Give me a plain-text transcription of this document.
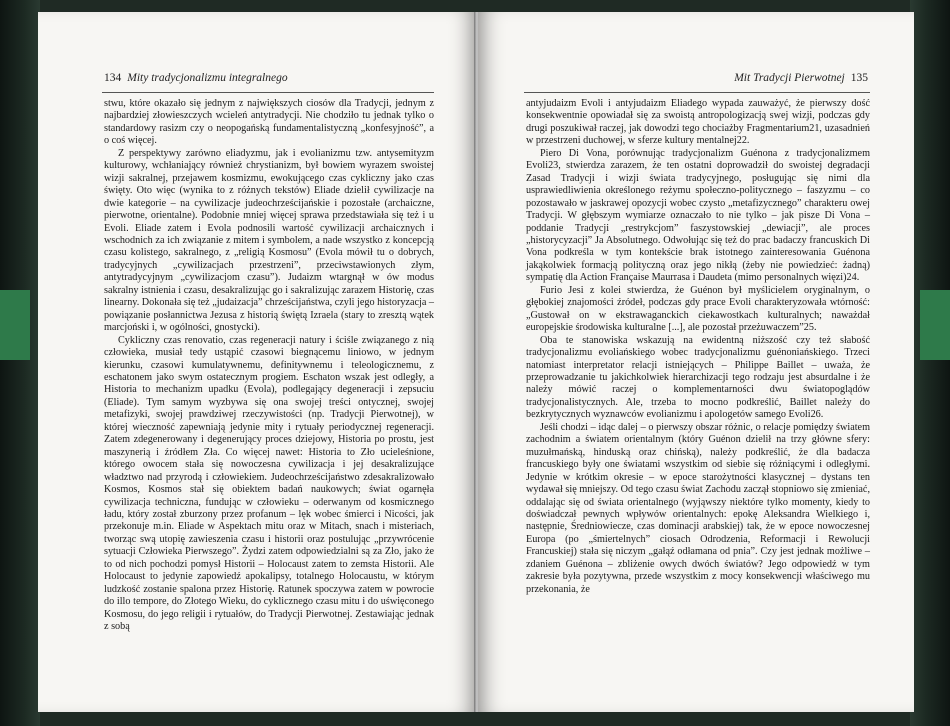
134 Mity tradycjonalizmu integralnego

stwu, które okazało się jednym z największych ciosów dla Tradycji, jednym z najbardziej złowieszczych wcieleń antytradycji. Nie chodziło tu jednak tylko o standardowy rasizm czy o neopogańską fundamentalistyczną „konfesyjność”, a o coś więcej.

Z perspektywy zarówno eliadyzmu, jak i evolianizmu tzw. antysemityzm kulturowy, wchłaniający również chrystianizm, był bowiem wyrazem swoistej wizji sakralnej, przejawem kosmizmu, ewokującego czas cykliczny jako czas święty. Oto więc (wynika to z różnych tekstów) Eliade dzielił cywilizacje na dwie kategorie – na cywilizacje judeochrześcijańskie i pozostałe (archaiczne, pierwotne, orientalne). Podobnie mniej więcej sprawa przedstawiała się też i u Evoli. Eliade zatem i Evola podnosili wartość cywilizacji archaicznych i wschodnich za ich związanie z mitem i symbolem, a nade wszystko z koncepcją czasu kolistego, sakralnego, z „religią Kosmosu” (Evola mówił tu o dobrych, tradycyjnych „cywilizacjach przestrzeni”, przeciwstawionych złym, antytradycyjnym „cywilizacjom czasu”). Judaizm wtargnął w ów modus sakralny istnienia i czasu, desakralizując go i sakralizując zarazem Historię, czas linearny. Dokonała się też „judaizacja” chrześcijaństwa, czyli jego historyzacja – powiązanie posłannictwa Jezusa z historią świętą Izraela (stary to zresztą wątek marcjoński i, w ogólności, gnostycki).

Cykliczny czas renovatio, czas regeneracji natury i ściśle związanego z nią człowieka, musiał tedy ustąpić czasowi biegnącemu liniowo, w jednym kierunku, czasowi kumulatywnemu, definitywnemu i teleologicznemu, z eschatonem jako swym ostatecznym progiem. Eschaton wszak jest odległy, a Historia to mechanizm upadku (Evola), podlegający degeneracji i zepsuciu (Eliade). Tym samym wyzbywa się ona swojej treści ontycznej, swojej metafizyki, swojej prawdziwej rzeczywistości (np. Tradycji Pierwotnej), w której wieczność zapewniają jedynie mity i rytuały periodycznej regeneracji. Zatem zdegenerowany i degenerujący proces dziejowy, Historia po prostu, jest maszynerią i źródłem Zła. Co więcej nawet: Historia to Zło ucieleśnione, którego owocem stała się nowoczesna cywilizacja i jej desakralizujące władztwo nad przyrodą i człowiekiem. Judeochrześcijaństwo zdesakralizowało Kosmos, Kosmos stał się obiektem badań naukowych; świat ogarnęła cywilizacja techniczna, fundując w człowieku – oderwanym od kosmicznego ładu, który został zburzony przez profanum – lęk wobec śmierci i Nicości, jak przekonuje m.in. Eliade w Aspektach mitu oraz w Mitach, snach i misteriach, tworząc swą utopię zawieszenia czasu i historii oraz postulując „przywrócenie sytuacji Człowieka Pierwszego”. Żydzi zatem odpowiedzialni są za Zło, jako że to od nich pochodzi pomysł Historii – Holocaust zatem to zemsta Historii. Ale Holocaust to jedynie zapowiedź apokalipsy, totalnego Holocaustu, w którym ludzkość zostanie spalona przez Historię. Ratunek spoczywa zatem w powrocie do illo tempore, do Złotego Wieku, do cyklicznego czasu mitu i do uświęconego Kosmosu, do jego religii i rytuałów, do Tradycji Pierwotnej. Zestawiając jednak z sobą

Mit Tradycji Pierwotnej 135

antyjudaizm Evoli i antyjudaizm Eliadego wypada zauważyć, że pierwszy dość konsekwentnie opowiadał się za swoistą antropologizacją swej wizji, podczas gdy drugi poszukiwał raczej, jak dowodzi tego chociażby Fragmentarium21, uzasadnień w przestrzeni duchowej, w sferze kultury mentalnej22.

Piero Di Vona, porównując tradycjonalizm Guénona z tradycjonalizmem Evoli23, stwierdza zarazem, że ten ostatni doprowadził do swoistej degradacji Zasad Tradycji i wizji świata tradycyjnego, posługując się nimi dla usprawiedliwienia określonego reżymu społeczno-politycznego – faszyzmu – co pozostawało w jaskrawej opozycji wobec czysto „metafizycznego” charakteru owej Tradycji. W głębszym wymiarze oznaczało to nie tylko – jak pisze Di Vona – poddanie Tradycji „restrykcjom” faszystowskiej „dewiacji”, ale proces „historycyzacji” Ja Absolutnego. Odwołując się też do prac badaczy francuskich Di Vona podkreśla w tym kontekście brak istotnego zainteresowania Guénona jakąkolwiek formacją polityczną oraz jego nikłą (żeby nie powiedzieć: żadną) sympatię dla Action Française Maurrasa i Daudeta (mimo personalnych więzi)24.

Furio Jesi z kolei stwierdza, że Guénon był myślicielem oryginalnym, o głębokiej znajomości źródeł, podczas gdy prace Evoli charakteryzowała wtórność: „Gustował on w ekstrawaganckich ciekawostkach kulturalnych; naważdał europejskie środowiska kulturalne [...], ale pozostał przeżuwaczem”25.

Oba te stanowiska wskazują na ewidentną niższość czy też słabość tradycjonalizmu evoliańskiego wobec tradycjonalizmu guénoniańskiego. Trzeci natomiast interpretator relacji istniejących – Philippe Baillet – uważa, że przeprowadzanie tu jakichkolwiek hierarchizacji tego rodzaju jest absurdalne i że należy mówić raczej o komplementarności dwu światopoglądów tradycjonalistycznych. Ale, trzeba to mocno podkreślić, Baillet należy do bezkrytycznych wyznawców evolianizmu i apologetów samego Evoli26.

Jeśli chodzi – idąc dalej – o pierwszy obszar różnic, o relacje pomiędzy światem zachodnim a światem orientalnym (który Guénon dzielił na trzy główne sfery: muzułmańską, hinduską oraz chińską), należy podkreślić, że dla badacza francuskiego były one światami wszystkim od siebie się różniącymi i odległymi. Jedynie w krótkim okresie – w epoce starożytności klasycznej – dystans ten wydawał się mniejszy. Od tego czasu świat Zachodu zaczął stopniowo się zmieniać, oddalając się od świata orientalnego (wyjąwszy niektóre tylko momenty, kiedy to doświadczał pewnych wpływów orientalnych: epokę Aleksandra Wielkiego i, następnie, Średniowiecze, czas dominacji arabskiej) tak, że w epoce nowoczesnej Europa (po „śmiertelnych” ciosach Odrodzenia, Reformacji i Rewolucji Francuskiej) stała się niczym „gałąź odłamana od pnia”. Czy jest jednak możliwe – zdaniem Guénona – zbliżenie owych dwóch światów? Jego odpowiedź w tym zakresie była pozytywna, przede wszystkim z mocy konsekwencji właściwego mu przekonania, że
